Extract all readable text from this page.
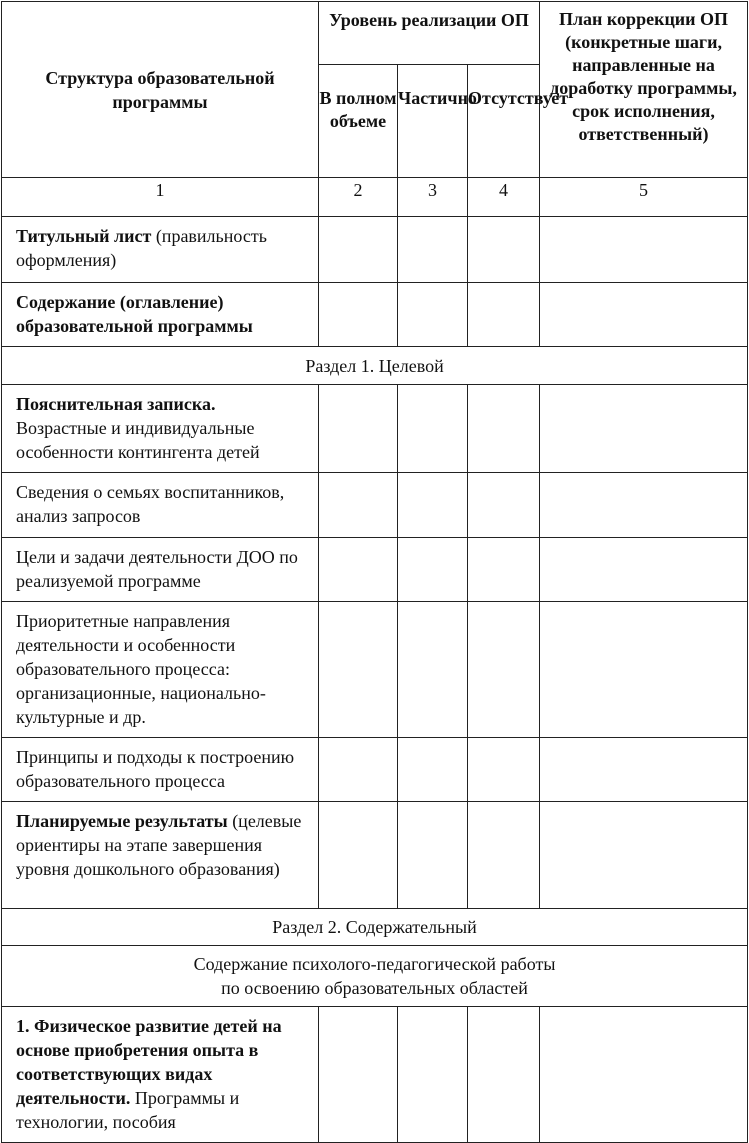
Структура образовательной программы	Уровень реализации ОП			План коррекции ОП (конкретные шаги, направленные на доработку программы, срок исполнения, ответственный)
	В полном объеме	Частично	Отсутствует	
1	2	3	4	5
Титульный лист (правильность оформления)				
Содержание (оглавление) образовательной программы				
Раздел 1. Целевой				
Пояснительная записка. Возрастные и индивидуальные особенности контингента детей				
Сведения о семьях воспитанников, анализ запросов				
Цели и задачи деятельности ДОО по реализуемой программе				
Приоритетные направления деятельности и особенности образовательного процесса: организационные, национально-культурные и др.				
Принципы и подходы к построению образовательного процесса				
Планируемые результаты (целевые ориентиры на этапе завершения уровня дошкольного образования)				
Раздел 2. Содержательный				
Содержание психолого-педагогической работы
по освоению образовательных областей				
1. Физическое развитие детей на основе приобретения опыта в соответствующих видах деятельности. Программы и технологии, пособия				
